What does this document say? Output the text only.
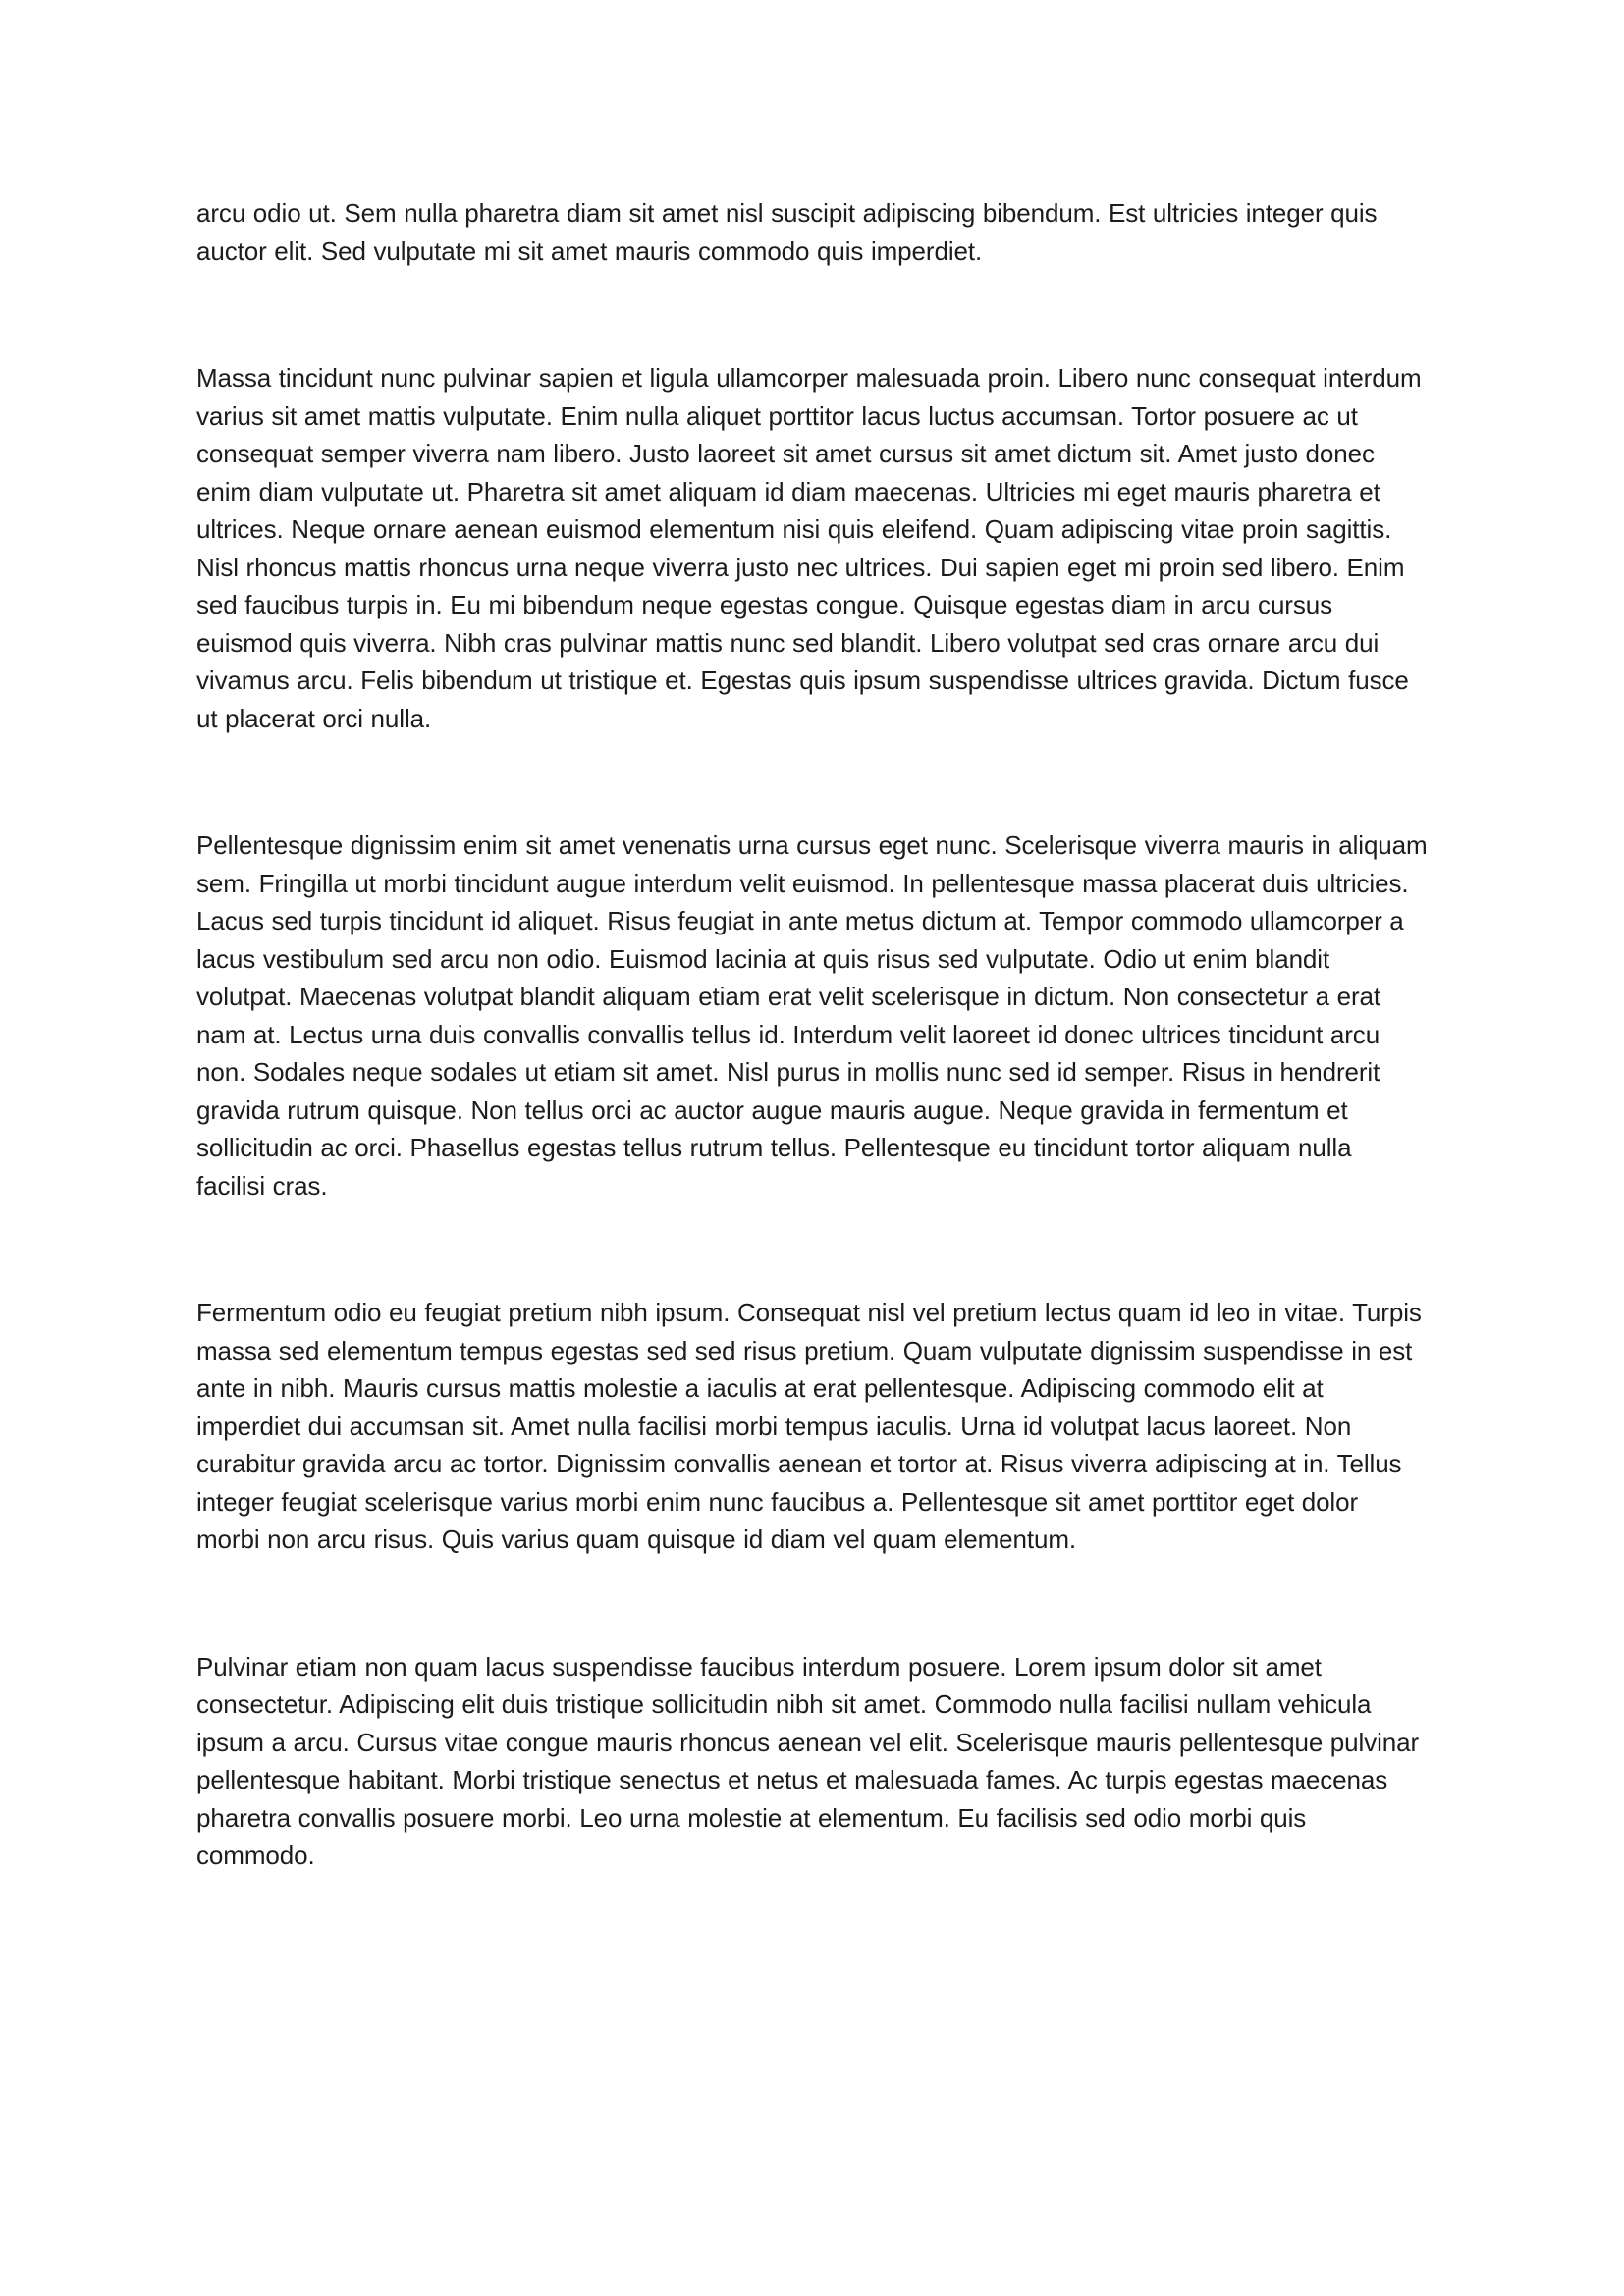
arcu odio ut. Sem nulla pharetra diam sit amet nisl suscipit adipiscing bibendum. Est ultricies integer quis auctor elit. Sed vulputate mi sit amet mauris commodo quis imperdiet.

Massa tincidunt nunc pulvinar sapien et ligula ullamcorper malesuada proin. Libero nunc consequat interdum varius sit amet mattis vulputate. Enim nulla aliquet porttitor lacus luctus accumsan. Tortor posuere ac ut consequat semper viverra nam libero. Justo laoreet sit amet cursus sit amet dictum sit. Amet justo donec enim diam vulputate ut. Pharetra sit amet aliquam id diam maecenas. Ultricies mi eget mauris pharetra et ultrices. Neque ornare aenean euismod elementum nisi quis eleifend. Quam adipiscing vitae proin sagittis. Nisl rhoncus mattis rhoncus urna neque viverra justo nec ultrices. Dui sapien eget mi proin sed libero. Enim sed faucibus turpis in. Eu mi bibendum neque egestas congue. Quisque egestas diam in arcu cursus euismod quis viverra. Nibh cras pulvinar mattis nunc sed blandit. Libero volutpat sed cras ornare arcu dui vivamus arcu. Felis bibendum ut tristique et. Egestas quis ipsum suspendisse ultrices gravida. Dictum fusce ut placerat orci nulla.

Pellentesque dignissim enim sit amet venenatis urna cursus eget nunc. Scelerisque viverra mauris in aliquam sem. Fringilla ut morbi tincidunt augue interdum velit euismod. In pellentesque massa placerat duis ultricies. Lacus sed turpis tincidunt id aliquet. Risus feugiat in ante metus dictum at. Tempor commodo ullamcorper a lacus vestibulum sed arcu non odio. Euismod lacinia at quis risus sed vulputate. Odio ut enim blandit volutpat. Maecenas volutpat blandit aliquam etiam erat velit scelerisque in dictum. Non consectetur a erat nam at. Lectus urna duis convallis convallis tellus id. Interdum velit laoreet id donec ultrices tincidunt arcu non. Sodales neque sodales ut etiam sit amet. Nisl purus in mollis nunc sed id semper. Risus in hendrerit gravida rutrum quisque. Non tellus orci ac auctor augue mauris augue. Neque gravida in fermentum et sollicitudin ac orci. Phasellus egestas tellus rutrum tellus. Pellentesque eu tincidunt tortor aliquam nulla facilisi cras.

Fermentum odio eu feugiat pretium nibh ipsum. Consequat nisl vel pretium lectus quam id leo in vitae. Turpis massa sed elementum tempus egestas sed sed risus pretium. Quam vulputate dignissim suspendisse in est ante in nibh. Mauris cursus mattis molestie a iaculis at erat pellentesque. Adipiscing commodo elit at imperdiet dui accumsan sit. Amet nulla facilisi morbi tempus iaculis. Urna id volutpat lacus laoreet. Non curabitur gravida arcu ac tortor. Dignissim convallis aenean et tortor at. Risus viverra adipiscing at in. Tellus integer feugiat scelerisque varius morbi enim nunc faucibus a. Pellentesque sit amet porttitor eget dolor morbi non arcu risus. Quis varius quam quisque id diam vel quam elementum.

Pulvinar etiam non quam lacus suspendisse faucibus interdum posuere. Lorem ipsum dolor sit amet consectetur. Adipiscing elit duis tristique sollicitudin nibh sit amet. Commodo nulla facilisi nullam vehicula ipsum a arcu. Cursus vitae congue mauris rhoncus aenean vel elit. Scelerisque mauris pellentesque pulvinar pellentesque habitant. Morbi tristique senectus et netus et malesuada fames. Ac turpis egestas maecenas pharetra convallis posuere morbi. Leo urna molestie at elementum. Eu facilisis sed odio morbi quis commodo.
